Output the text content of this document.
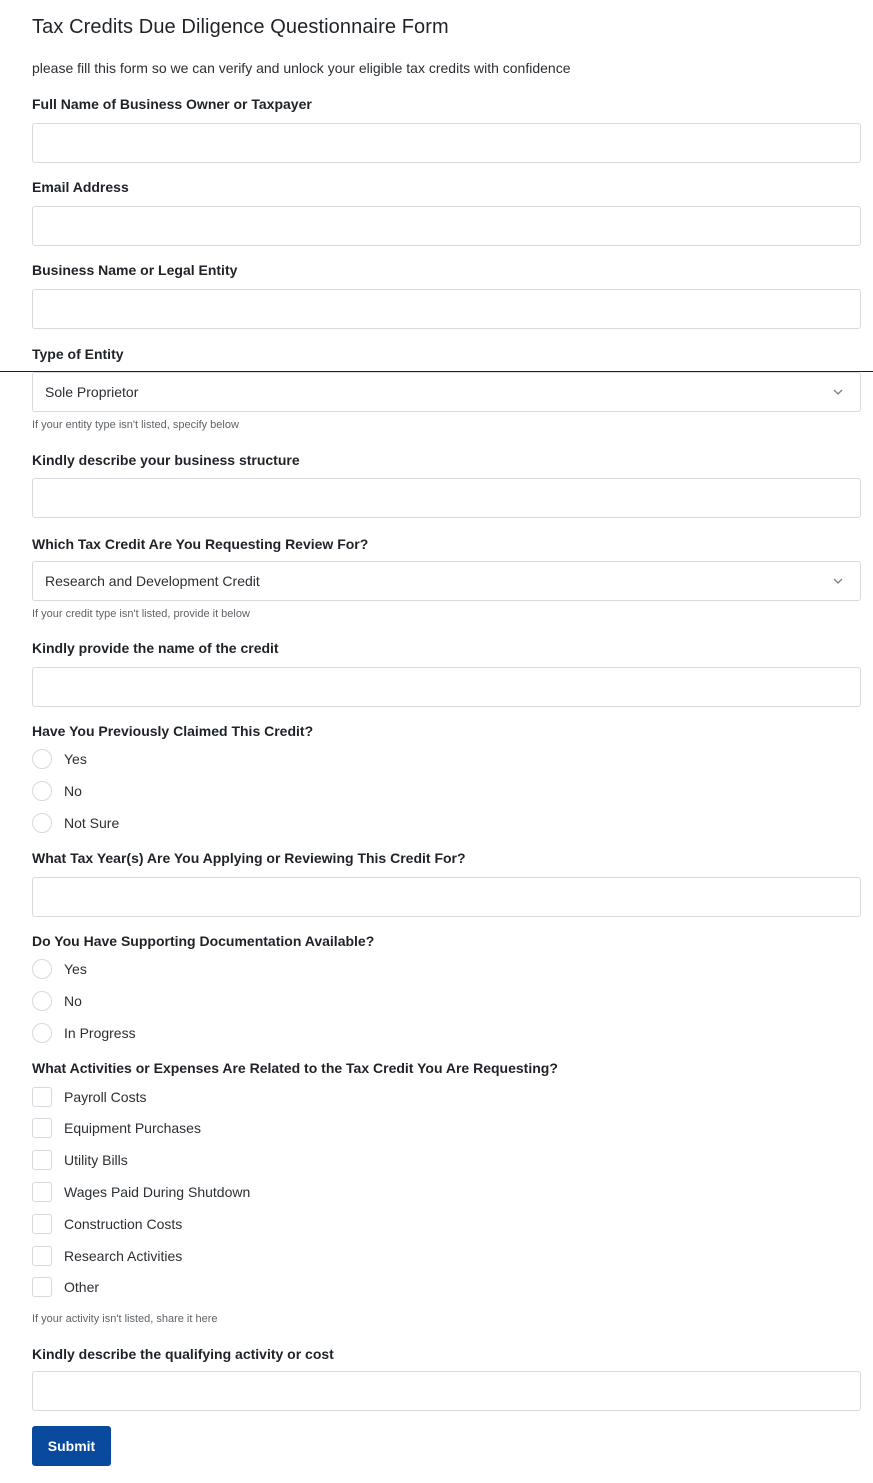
Tax Credits Due Diligence Questionnaire Form
please fill this form so we can verify and unlock your eligible tax credits with confidence
Full Name of Business Owner or Taxpayer
Email Address
Business Name or Legal Entity
Type of Entity
Sole Proprietor
If your entity type isn't listed, specify below
Kindly describe your business structure
Which Tax Credit Are You Requesting Review For?
Research and Development Credit
If your credit type isn't listed, provide it below
Kindly provide the name of the credit
Have You Previously Claimed This Credit?
Yes
No
Not Sure
What Tax Year(s) Are You Applying or Reviewing This Credit For?
Do You Have Supporting Documentation Available?
Yes
No
In Progress
What Activities or Expenses Are Related to the Tax Credit You Are Requesting?
Payroll Costs
Equipment Purchases
Utility Bills
Wages Paid During Shutdown
Construction Costs
Research Activities
Other
If your activity isn't listed, share it here
Kindly describe the qualifying activity or cost
Submit
